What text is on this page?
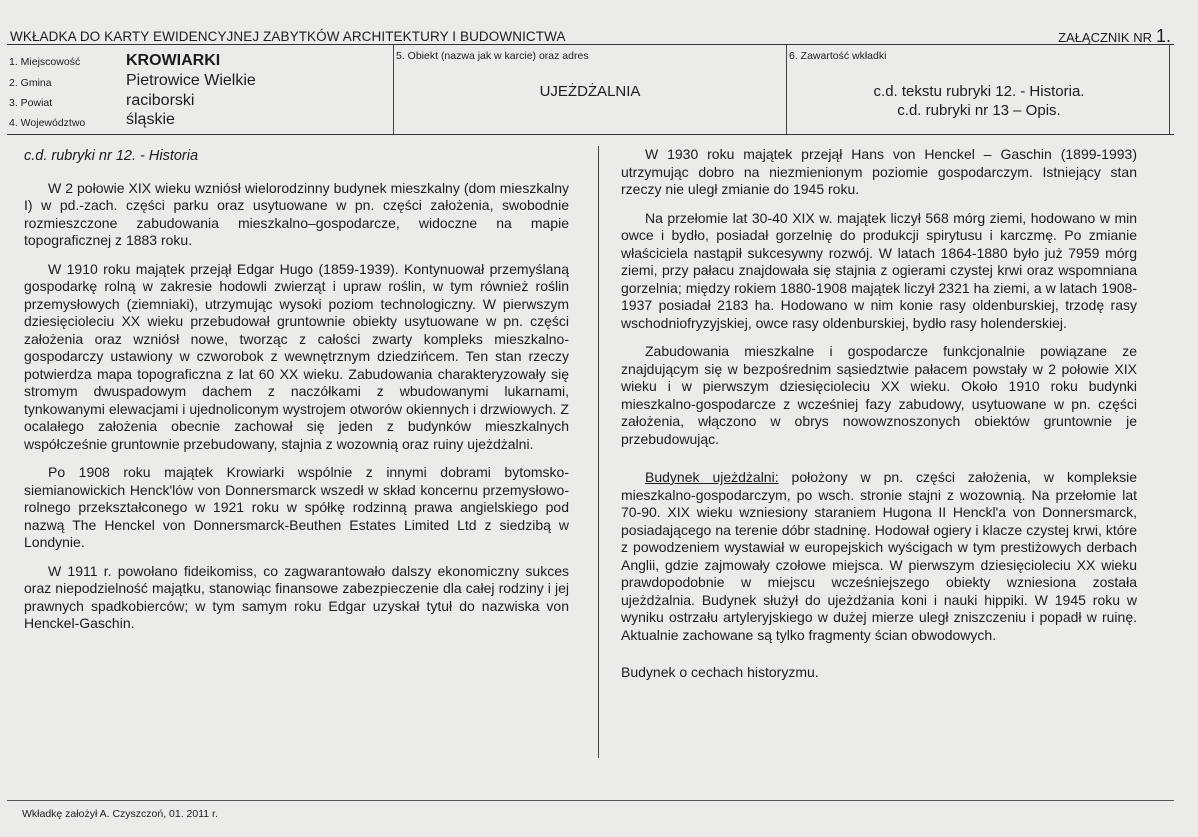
WKŁADKA DO KARTY EWIDENCYJNEJ ZABYTKÓW ARCHITEKTURY I BUDOWNICTWA	ZAŁĄCZNIK NR 1.
1. Miejscowość	KROWIARKI
2. Gmina	Pietrowice Wielkie
3. Powiat	raciborski
4. Województwo	śląskie
5. Obiekt (nazwa jak w karcie) oraz adres
UJEŻDŻALNIA
6. Zawartość wkładki
c.d. tekstu rubryki 12. - Historia.
c.d. rubryki nr 13 – Opis.
c.d. rubryki nr 12. - Historia

W 2 połowie XIX wieku wzniósł wielorodzinny budynek mieszkalny (dom mieszkalny I) w pd.-zach. części parku oraz usytuowane w pn. części założenia, swobodnie rozmieszczone zabudowania mieszkalno–gospodarcze, widoczne na mapie topograficznej z 1883 roku.

W 1910 roku majątek przejął Edgar Hugo (1859-1939). Kontynuował przemyślaną gospodarkę rolną w zakresie hodowli zwierząt i upraw roślin, w tym również roślin przemysłowych (ziemniaki), utrzymując wysoki poziom technologiczny. W pierwszym dziesięcioleciu XX wieku przebudował gruntownie obiekty usytuowane w pn. części założenia oraz wzniósł nowe, tworząc z całości zwarty kompleks mieszkalno-gospodarczy ustawiony w czworobok z wewnętrznym dziedzińcem. Ten stan rzeczy potwierdza mapa topograficzna z lat 60 XX wieku. Zabudowania charakteryzowały się stromym dwuspadowym dachem z naczółkami z wbudowanymi lukarnami, tynkowanymi elewacjami i ujednoliconym wystrojem otworów okiennych i drzwiowych. Z ocalałego założenia obecnie zachował się jeden z budynków mieszkalnych współcześnie gruntownie przebudowany, stajnia z wozownią oraz ruiny ujeżdżalni.

Po 1908 roku majątek Krowiarki wspólnie z innymi dobrami bytomsko-siemianowickich Henck'lów von Donnersmarck wszedł w skład koncernu przemysłowo-rolnego przekształconego w 1921 roku w spółkę rodzinną prawa angielskiego pod nazwą The Henckel von Donnersmarck-Beuthen Estates Limited Ltd z siedzibą w Londynie.

W 1911 r. powołano fideikomiss, co zagwarantowało dalszy ekonomiczny sukces oraz niepodzielność majątku, stanowiąc finansowe zabezpieczenie dla całej rodziny i jej prawnych spadkobierców; w tym samym roku Edgar uzyskał tytuł do nazwiska von Henckel-Gaschin.

W 1930 roku majątek przejął Hans von Henckel – Gaschin (1899-1993) utrzymując dobro na niezmienionym poziomie gospodarczym. Istniejący stan rzeczy nie uległ zmianie do 1945 roku.

Na przełomie lat 30-40 XIX w. majątek liczył 568 mórg ziemi, hodowano w min owce i bydło, posiadał gorzelnię do produkcji spirytusu i karczmę. Po zmianie właściciela nastąpił sukcesywny rozwój. W latach 1864-1880 było już 7959 mórg ziemi, przy pałacu znajdowała się stajnia z ogierami czystej krwi oraz wspomniana gorzelnia; między rokiem 1880-1908 majątek liczył 2321 ha ziemi, a w latach 1908-1937 posiadał 2183 ha. Hodowano w nim konie rasy oldenburskiej, trzodę rasy wschodniofryzyjskiej, owce rasy oldenburskiej, bydło rasy holenderskiej.

Zabudowania mieszkalne i gospodarcze funkcjonalnie powiązane ze znajdującym się w bezpośrednim sąsiedztwie pałacem powstały w 2 połowie XIX wieku i w pierwszym dziesięcioleciu XX wieku. Około 1910 roku budynki mieszkalno-gospodarcze z wcześniej fazy zabudowy, usytuowane w pn. części założenia, włączono w obrys nowowznoszonych obiektów gruntownie je przebudowując.

Budynek ujeżdżalni: położony w pn. części założenia, w kompleksie mieszkalno-gospodarczym, po wsch. stronie stajni z wozownią. Na przełomie lat 70-90. XIX wieku wzniesiony staraniem Hugona II Henckl'a von Donnersmarck, posiadającego na terenie dóbr stadninę. Hodował ogiery i klacze czystej krwi, które z powodzeniem wystawiał w europejskich wyścigach w tym prestiżowych derbach Anglii, gdzie zajmowały czołowe miejsca. W pierwszym dziesięcioleciu XX wieku prawdopodobnie w miejscu wcześniejszego obiekty wzniesiona została ujeżdżalnia. Budynek służył do ujeżdżania koni i nauki hippiki. W 1945 roku w wyniku ostrzału artyleryjskiego w dużej mierze uległ zniszczeniu i popadł w ruinę. Aktualnie zachowane są tylko fragmenty ścian obwodowych.

Budynek o cechach historyzmu.

Wkładkę założył A. Czyszczoń, 01. 2011 r.
